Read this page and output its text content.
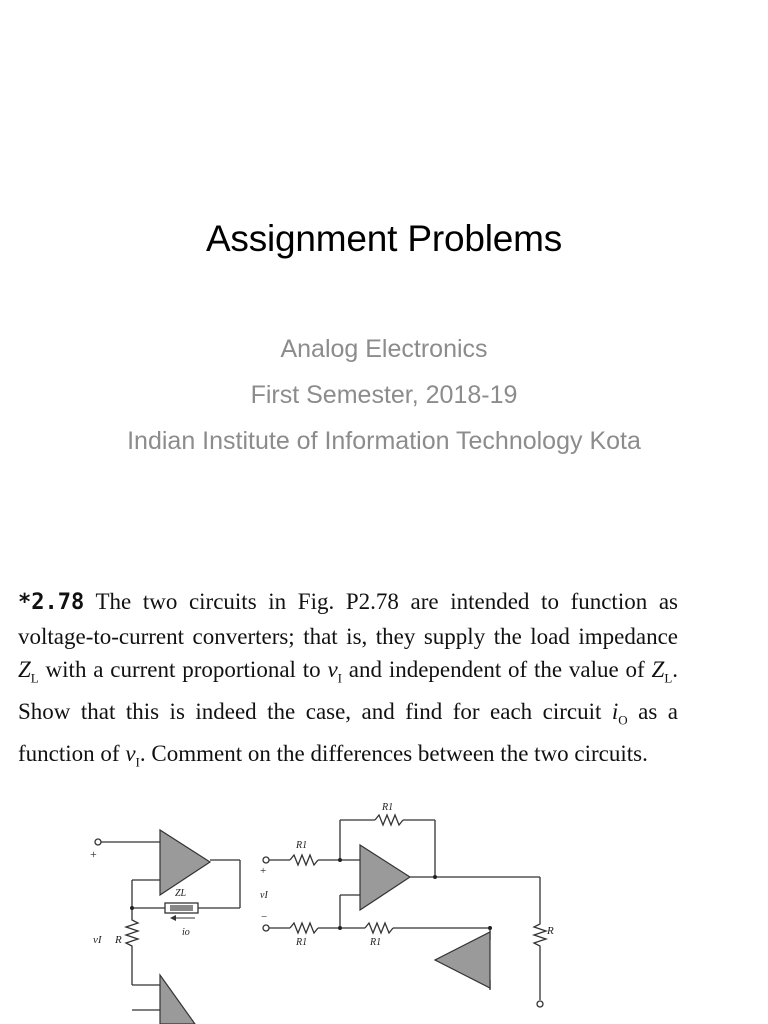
Assignment Problems
Analog Electronics
First Semester, 2018-19
Indian Institute of Information Technology Kota
*2.78 The two circuits in Fig. P2.78 are intended to function as voltage-to-current converters; that is, they supply the load impedance $Z_L$ with a current proportional to $v_I$ and independent of the value of $Z_L$. Show that this is indeed the case, and find for each circuit $i_O$ as a function of $v_I$. Comment on the differences between the two circuits.
+
vI R
ZL
io
+
vI
−
R1
R1
R1	R1
R
